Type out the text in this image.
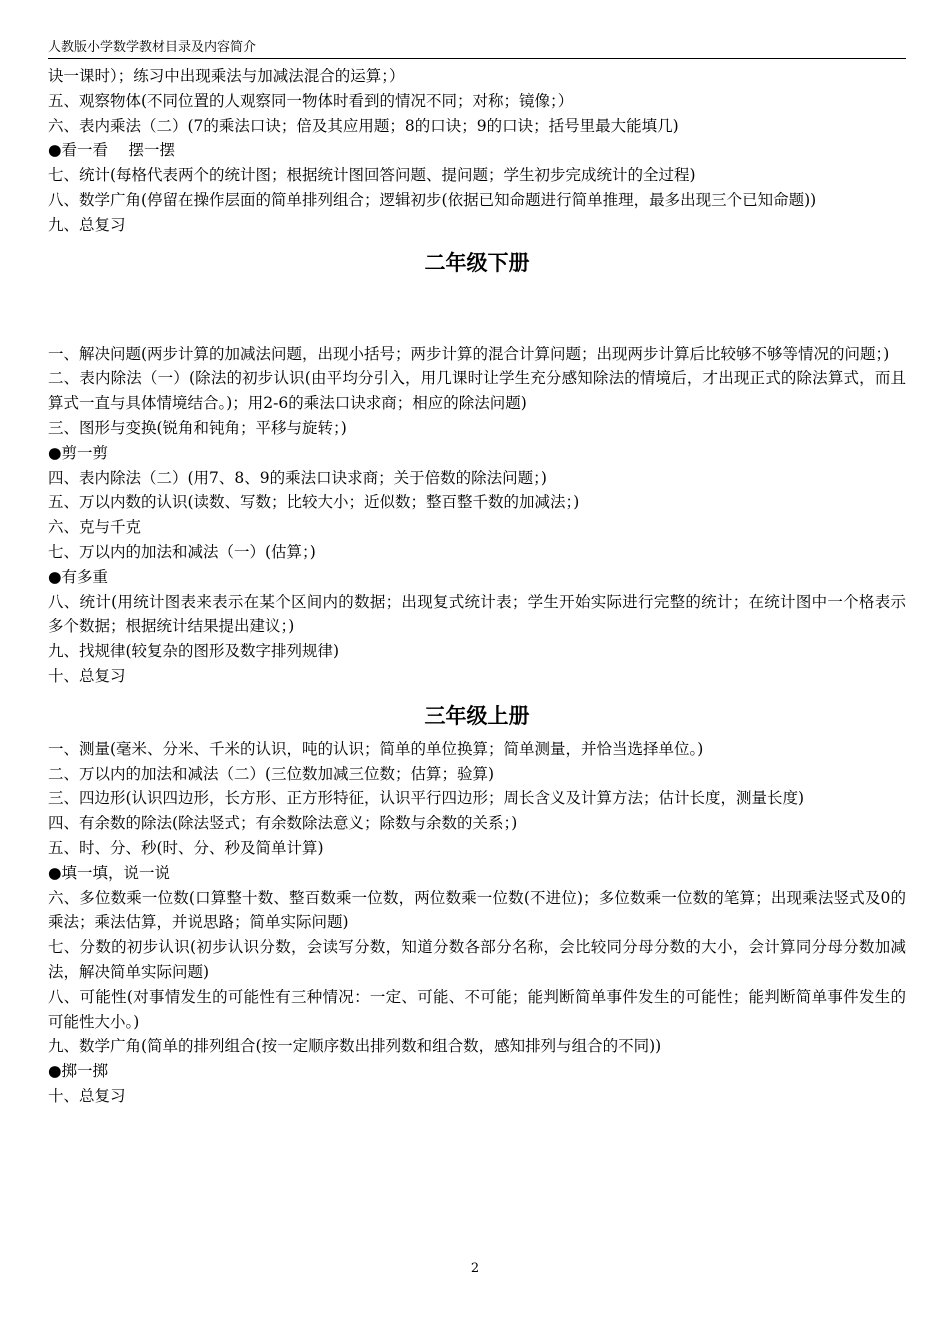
人教版小学数学教材目录及内容简介

诀一课时）；练习中出现乘法与加减法混合的运算；）

五、观察物体(不同位置的人观察同一物体时看到的情况不同；对称；镜像；）

六、表内乘法（二）(7的乘法口诀；倍及其应用题；8的口诀；9的口诀；括号里最大能填几)

●看一看　 摆一摆

七、统计(每格代表两个的统计图；根据统计图回答问题、提问题；学生初步完成统计的全过程)

八、数学广角(停留在操作层面的简单排列组合；逻辑初步(依据已知命题进行简单推理，最多出现三个已知命题))

九、总复习

二年级下册

一、解决问题(两步计算的加减法问题，出现小括号；两步计算的混合计算问题；出现两步计算后比较够不够等情况的问题；)

二、表内除法（一）(除法的初步认识(由平均分引入，用几课时让学生充分感知除法的情境后，才出现正式的除法算式，而且算式一直与具体情境结合。)；用2-6的乘法口诀求商；相应的除法问题)

三、图形与变换(锐角和钝角；平移与旋转；)

●剪一剪

四、表内除法（二）(用7、8、9的乘法口诀求商；关于倍数的除法问题；)

五、万以内数的认识(读数、写数；比较大小；近似数；整百整千数的加减法；)

六、克与千克

七、万以内的加法和减法（一）(估算；)

●有多重

八、统计(用统计图表来表示在某个区间内的数据；出现复式统计表；学生开始实际进行完整的统计；在统计图中一个格表示多个数据；根据统计结果提出建议；)

九、找规律(较复杂的图形及数字排列规律)

十、总复习

三年级上册

一、测量(毫米、分米、千米的认识，吨的认识；简单的单位换算；简单测量，并恰当选择单位。)

二、万以内的加法和减法（二）(三位数加减三位数；估算；验算)

三、四边形(认识四边形，长方形、正方形特征，认识平行四边形；周长含义及计算方法；估计长度，测量长度)

四、有余数的除法(除法竖式；有余数除法意义；除数与余数的关系；)

五、时、分、秒(时、分、秒及简单计算)

●填一填，说一说

六、多位数乘一位数(口算整十数、整百数乘一位数，两位数乘一位数(不进位)；多位数乘一位数的笔算；出现乘法竖式及0的乘法；乘法估算，并说思路；简单实际问题)

七、分数的初步认识(初步认识分数，会读写分数，知道分数各部分名称，会比较同分母分数的大小，会计算同分母分数加减法，解决简单实际问题)

八、可能性(对事情发生的可能性有三种情况：一定、可能、不可能；能判断简单事件发生的可能性；能判断简单事件发生的可能性大小。)

九、数学广角(简单的排列组合(按一定顺序数出排列数和组合数，感知排列与组合的不同))

●掷一掷

十、总复习

2
